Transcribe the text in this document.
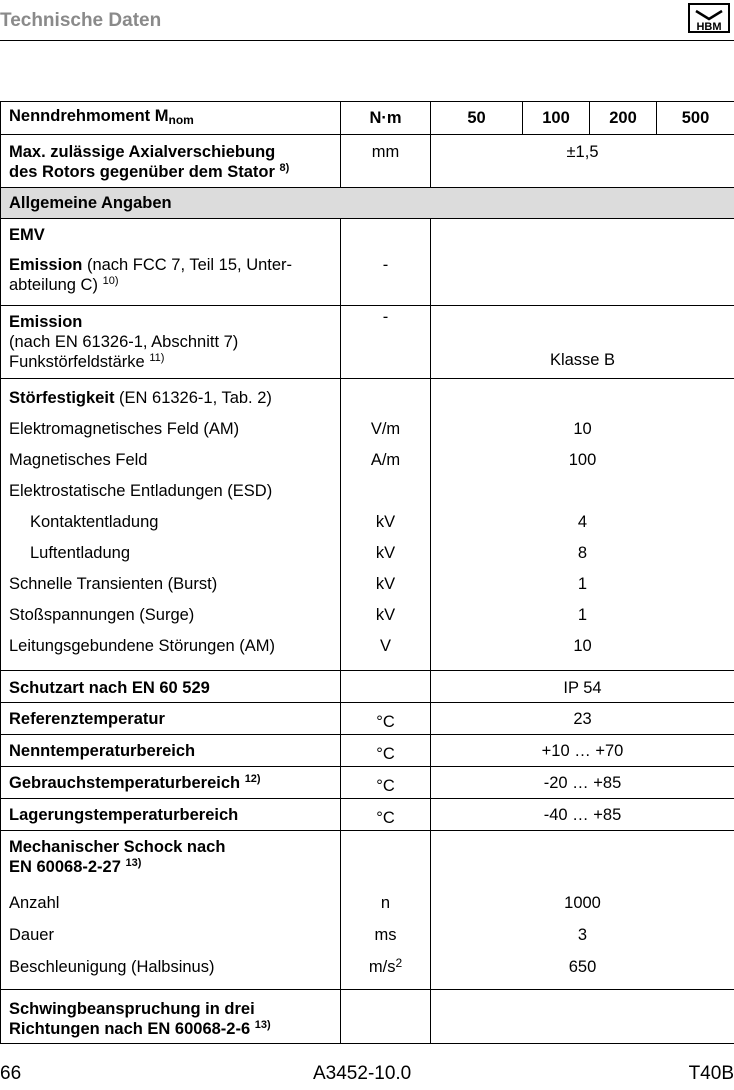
Technische Daten	HBM
Nenndrehmoment $M_{nom}$	N·m	50	100	200	500
Max. zulässige Axialverschiebung
des Rotors gegenüber dem Stator $^{8)}$	mm	±1,5			
Allgemeine Angaben					
EMV
Emission (nach FCC 7, Teil 15, Unter-
abteilung C) $^{10)}$	-				
Emission
(nach EN 61326-1, Abschnitt 7)
Funkstörfeldstärke $^{11)}$	-	Klasse B			
Störfestigkeit (EN 61326-1, Tab. 2)					
Elektromagnetisches Feld (AM)	V/m	10			
Magnetisches Feld	A/m	100			
Elektrostatische Entladungen (ESD)					
Kontaktentladung	kV	4			
Luftentladung	kV	8			
Schnelle Transienten (Burst)	kV	1			
Stoßspannungen (Surge)	kV	1			
Leitungsgebundene Störungen (AM)	V	10			
Schutzart nach EN 60 529		IP 54			
Referenztemperatur	°C	23			
Nenntemperaturbereich	°C	+10 … +70			
Gebrauchstemperaturbereich $^{12)}$	°C	-20 … +85			
Lagerungstemperaturbereich	°C	-40 … +85			
Mechanischer Schock nach
EN 60068-2-27 $^{13)}$		
Anzahl	n	1000			
Dauer	ms	3			
Beschleunigung (Halbsinus)	$m/s^2$	650			
Schwingbeanspruchung in drei
Richtungen nach EN 60068-2-6 $^{13)}$		
66	A3452-10.0	T40B
